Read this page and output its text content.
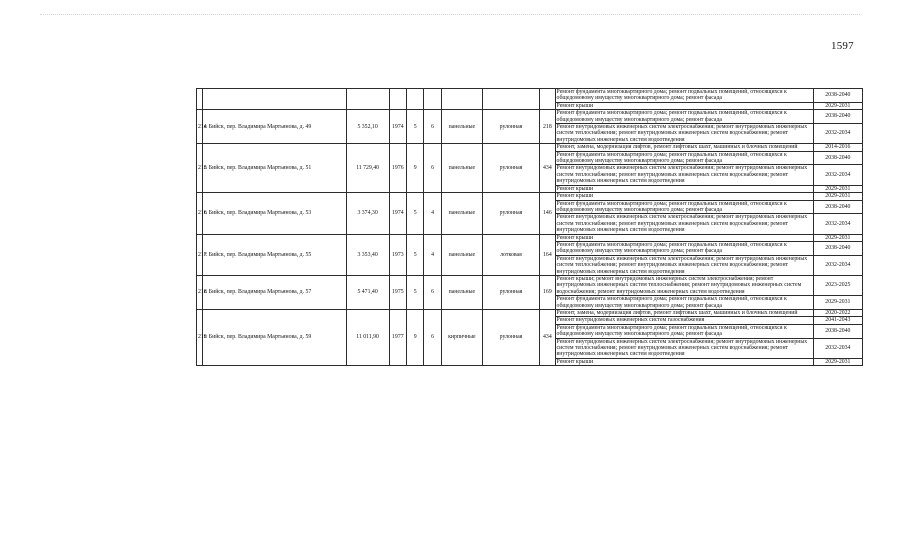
1597
									Ремонт фундамента многоквартирного дома; ремонт подвальных помещений, относящихся к общедомовому имуществу многоквартирного дома; ремонт фасада	2038-2040
									Ремонт крыши	2029-2031
214	г. Бийск, пер. Владимира Мартьянова, д. 49	5 352,10	1974	5	6	панельные	рулонная	218	Ремонт фундамента многоквартирного дома; ремонт подвальных помещений, относящихся к общедомовому имуществу многоквартирного дома; ремонт фасада	2038-2040
									Ремонт внутридомовых инженерных систем электроснабжения; ремонт внутридомовых инженерных систем теплоснабжения; ремонт внутридомовых инженерных систем водоснабжения; ремонт внутридомовых инженерных систем водоотведения	2032-2034
215	г. Бийск, пер. Владимира Мартьянова, д. 51	11 729,40	1976	9	6	панельные	рулонная	434	Ремонт, замена, модернизация лифтов, ремонт лифтовых шахт, машинных и блочных помещений	2014-2016
									Ремонт фундамента многоквартирного дома; ремонт подвальных помещений, относящихся к общедомовому имуществу многоквартирного дома; ремонт фасада	2038-2040
									Ремонт внутридомовых инженерных систем электроснабжения; ремонт внутридомовых инженерных систем теплоснабжения; ремонт внутридомовых инженерных систем водоснабжения; ремонт внутридомовых инженерных систем водоотведения	2032-2034
									Ремонт крыши	2029-2031
216	г. Бийск, пер. Владимира Мартьянова, д. 53	3 374,30	1974	5	4	панельные	рулонная	146	Ремонт крыши	2029-2031
									Ремонт фундамента многоквартирного дома; ремонт подвальных помещений, относящихся к общедомовому имуществу многоквартирного дома; ремонт фасада	2038-2040
									Ремонт внутридомовых инженерных систем электроснабжения; ремонт внутридомовых инженерных систем теплоснабжения; ремонт внутридомовых инженерных систем водоснабжения; ремонт внутридомовых инженерных систем водоотведения	2032-2034
217	г. Бийск, пер. Владимира Мартьянова, д. 55	3 353,40	1973	5	4	панельные	лотковая	164	Ремонт крыши	2029-2031
									Ремонт фундамента многоквартирного дома; ремонт подвальных помещений, относящихся к общедомовому имуществу многоквартирного дома; ремонт фасада	2038-2040
									Ремонт внутридомовых инженерных систем электроснабжения; ремонт внутридомовых инженерных систем теплоснабжения; ремонт внутридомовых инженерных систем водоснабжения; ремонт внутридомовых инженерных систем водоотведения	2032-2034
218	г. Бийск, пер. Владимира Мартьянова, д. 57	5 471,40	1975	5	6	панельные	рулонная	169	Ремонт крыши; ремонт внутридомовых инженерных систем электроснабжения; ремонт внутридомовых инженерных систем теплоснабжения; ремонт внутридомовых инженерных систем водоснабжения; ремонт внутридомовых инженерных систем водоотведения	2023-2025
									Ремонт фундамента многоквартирного дома; ремонт подвальных помещений, относящихся к общедомовому имуществу многоквартирного дома; ремонт фасада	2029-2031
219	г. Бийск, пер. Владимира Мартьянова, д. 59	11 011,90	1977	9	6	кирпичные	рулонная	434	Ремонт, замена, модернизация лифтов, ремонт лифтовых шахт, машинных и блочных помещений	2020-2022
									Ремонт внутридомовых инженерных систем газоснабжения	2041-2043
									Ремонт фундамента многоквартирного дома; ремонт подвальных помещений, относящихся к общедомовому имуществу многоквартирного дома; ремонт фасада	2038-2040
									Ремонт внутридомовых инженерных систем электроснабжения; ремонт внутридомовых инженерных систем теплоснабжения; ремонт внутридомовых инженерных систем водоснабжения; ремонт внутридомовых инженерных систем водоотведения	2032-2034
									Ремонт крыши	2029-2031
